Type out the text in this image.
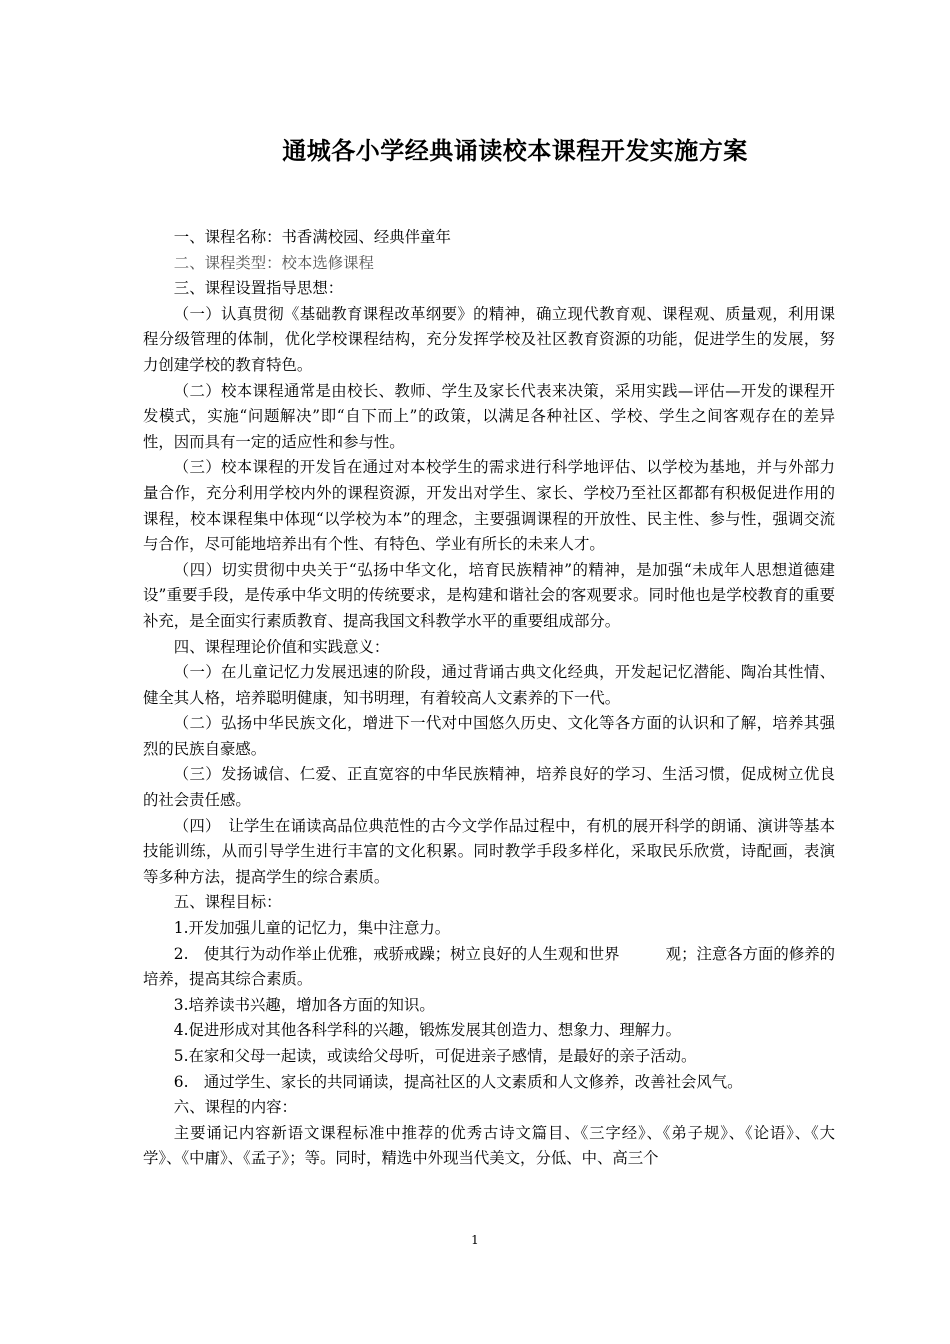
通城各小学经典诵读校本课程开发实施方案

一、课程名称：书香满校园、经典伴童年

二、课程类型：校本选修课程

三、课程设置指导思想：

（一）认真贯彻《基础教育课程改革纲要》的精神，确立现代教育观、课程观、质量观，利用课程分级管理的体制，优化学校课程结构，充分发挥学校及社区教育资源的功能，促进学生的发展，努力创建学校的教育特色。

（二）校本课程通常是由校长、教师、学生及家长代表来决策，采用实践—评估—开发的课程开发模式，实施“问题解决”即“自下而上”的政策，以满足各种社区、学校、学生之间客观存在的差异性，因而具有一定的适应性和参与性。

（三）校本课程的开发旨在通过对本校学生的需求进行科学地评估、以学校为基地，并与外部力量合作，充分利用学校内外的课程资源，开发出对学生、家长、学校乃至社区都都有积极促进作用的课程，校本课程集中体现“以学校为本”的理念，主要强调课程的开放性、民主性、参与性，强调交流与合作，尽可能地培养出有个性、有特色、学业有所长的未来人才。

（四）切实贯彻中央关于“弘扬中华文化，培育民族精神”的精神，是加强“未成年人思想道德建设”重要手段，是传承中华文明的传统要求，是构建和谐社会的客观要求。同时他也是学校教育的重要补充，是全面实行素质教育、提高我国文科教学水平的重要组成部分。

四、课程理论价值和实践意义：

（一）在儿童记忆力发展迅速的阶段，通过背诵古典文化经典，开发起记忆潜能、陶冶其性情、健全其人格，培养聪明健康，知书明理，有着较高人文素养的下一代。

（二）弘扬中华民族文化，增进下一代对中国悠久历史、文化等各方面的认识和了解，培养其强烈的民族自豪感。

（三）发扬诚信、仁爱、正直宽容的中华民族精神，培养良好的学习、生活习惯，促成树立优良的社会责任感。

（四）　让学生在诵读高品位典范性的古今文学作品过程中，有机的展开科学的朗诵、演讲等基本技能训练，从而引导学生进行丰富的文化积累。同时教学手段多样化，采取民乐欣赏，诗配画，表演等多种方法，提高学生的综合素质。

五、课程目标：

1.开发加强儿童的记忆力，集中注意力。

2.　使其行为动作举止优雅，戒骄戒躁；树立良好的人生观和世界　　　观；注意各方面的修养的培养，提高其综合素质。

3.培养读书兴趣，增加各方面的知识。

4.促进形成对其他各科学科的兴趣，锻炼发展其创造力、想象力、理解力。

5.在家和父母一起读，或读给父母听，可促进亲子感情，是最好的亲子活动。

6.　通过学生、家长的共同诵读，提高社区的人文素质和人文修养，改善社会风气。

六、课程的内容：

主要诵记内容新语文课程标准中推荐的优秀古诗文篇目、《三字经》、《弟子规》、《论语》、《大学》、《中庸》、《孟子》；等。同时，精选中外现当代美文，分低、中、高三个

1
